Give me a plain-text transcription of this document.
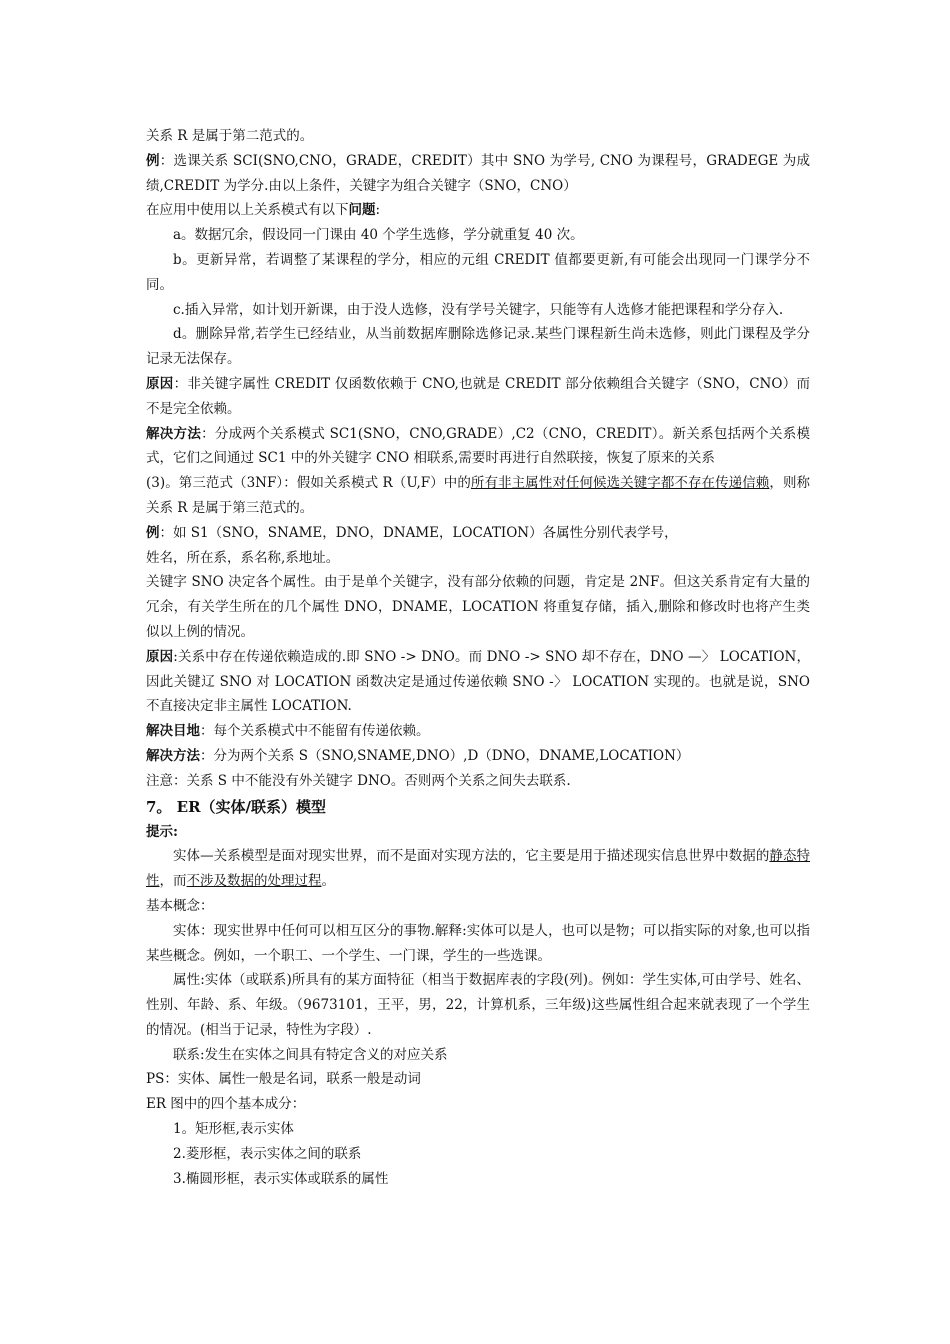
关系 R 是属于第二范式的。

例：选课关系 SCI(SNO,CNO，GRADE，CREDIT）其中 SNO 为学号, CNO 为课程号，GRADEGE 为成绩,CREDIT 为学分.由以上条件，关键字为组合关键字（SNO，CNO）

在应用中使用以上关系模式有以下问题:

a。数据冗余，假设同一门课由 40 个学生选修，学分就重复 40 次。

b。更新异常，若调整了某课程的学分，相应的元组 CREDIT 值都要更新,有可能会出现同一门课学分不同。

c.插入异常，如计划开新课，由于没人选修，没有学号关键字，只能等有人选修才能把课程和学分存入.

d。删除异常,若学生已经结业，从当前数据库删除选修记录.某些门课程新生尚未选修，则此门课程及学分记录无法保存。

原因：非关键字属性 CREDIT 仅函数依赖于 CNO,也就是 CREDIT 部分依赖组合关键字（SNO，CNO）而不是完全依赖。

解决方法：分成两个关系模式 SC1(SNO，CNO,GRADE）,C2（CNO，CREDIT）。新关系包括两个关系模式，它们之间通过 SC1 中的外关键字 CNO 相联系,需要时再进行自然联接，恢复了原来的关系

(3)。第三范式（3NF）：假如关系模式 R（U,F）中的所有非主属性对任何候选关键字都不存在传递信赖，则称关系 R 是属于第三范式的。

例：如 S1（SNO，SNAME，DNO，DNAME，LOCATION）各属性分别代表学号，

姓名，所在系，系名称,系地址。

关键字 SNO 决定各个属性。由于是单个关键字，没有部分依赖的问题，肯定是 2NF。但这关系肯定有大量的冗余，有关学生所在的几个属性 DNO，DNAME，LOCATION 将重复存储，插入,删除和修改时也将产生类似以上例的情况。

原因:关系中存在传递依赖造成的.即 SNO -> DNO。而 DNO -> SNO 却不存在，DNO —〉 LOCATION，因此关键辽 SNO 对 LOCATION 函数决定是通过传递依赖 SNO -〉 LOCATION 实现的。也就是说，SNO 不直接决定非主属性 LOCATION.

解决目地：每个关系模式中不能留有传递依赖。

解决方法：分为两个关系 S（SNO,SNAME,DNO）,D（DNO，DNAME,LOCATION）

注意：关系 S 中不能没有外关键字 DNO。否则两个关系之间失去联系.

7。 ER（实体/联系）模型

提示:

实体—关系模型是面对现实世界，而不是面对实现方法的，它主要是用于描述现实信息世界中数据的静态特性，而不涉及数据的处理过程。

基本概念：

实体：现实世界中任何可以相互区分的事物.解释:实体可以是人，也可以是物；可以指实际的对象,也可以指某些概念。例如，一个职工、一个学生、一门课，学生的一些选课。

属性:实体（或联系)所具有的某方面特征（相当于数据库表的字段(列)。例如：学生实体,可由学号、姓名、性别、年龄、系、年级。（9673101，王平，男，22，计算机系，三年级)这些属性组合起来就表现了一个学生的情况。(相当于记录，特性为字段）.

联系:发生在实体之间具有特定含义的对应关系

PS：实体、属性一般是名词，联系一般是动词

ER 图中的四个基本成分：

1。矩形框,表示实体

2.菱形框，表示实体之间的联系

3.椭圆形框，表示实体或联系的属性
